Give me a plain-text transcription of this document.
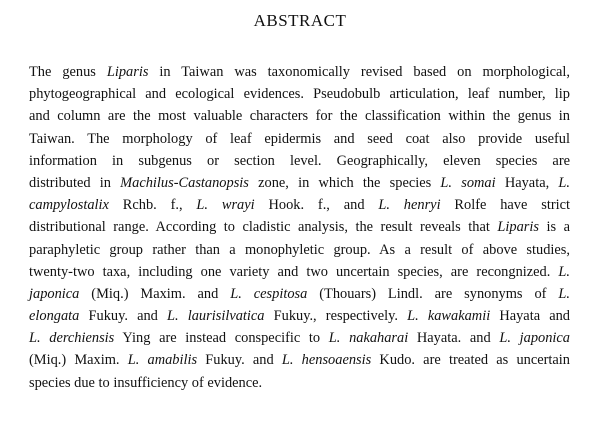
ABSTRACT
The genus Liparis in Taiwan was taxonomically revised based on morphological,
phytogeographical and ecological evidences. Pseudobulb articulation, leaf number, lip
and column are the most valuable characters for the classification within the genus in
Taiwan. The morphology of leaf epidermis and seed coat also provide useful
information in subgenus or section level. Geographically, eleven species are
distributed in Machilus-Castanopsis zone, in which the species L. somai Hayata, L.
campylostalix Rchb. f., L. wrayi Hook. f., and L. henryi Rolfe have strict
distributional range. According to cladistic analysis, the result reveals that Liparis is a
paraphyletic group rather than a monophyletic group. As a result of above studies,
twenty-two taxa, including one variety and two uncertain species, are recongnized. L.
japonica (Miq.) Maxim. and L. cespitosa (Thouars) Lindl. are synonyms of L.
elongata Fukuy. and L. laurisilvatica Fukuy., respectively. L. kawakamii Hayata and
L. derchiensis Ying are instead conspecific to L. nakaharai Hayata. and L. japonica
(Miq.) Maxim. L. amabilis Fukuy. and L. hensoaensis Kudo. are treated as uncertain
species due to insufficiency of evidence.
